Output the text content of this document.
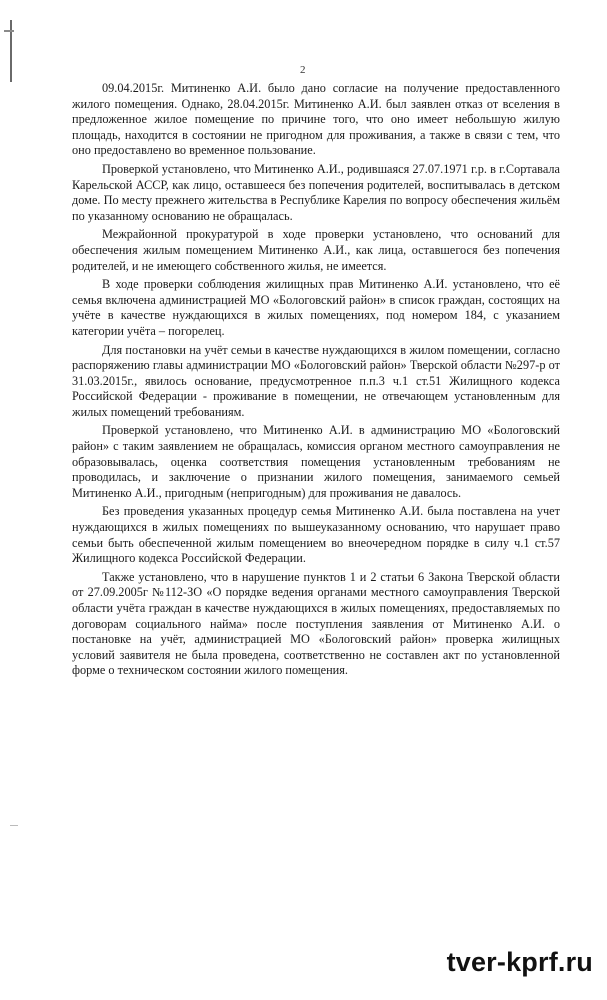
2

09.04.2015г. Митиненко А.И. было дано согласие на получение предоставленного жилого помещения. Однако, 28.04.2015г. Митиненко А.И. был заявлен отказ от вселения в предложенное жилое помещение по причине того, что оно имеет небольшую жилую площадь, находится в состоянии не пригодном для проживания, а также в связи с тем, что оно предоставлено во временное пользование.

Проверкой установлено, что Митиненко А.И., родившаяся 27.07.1971 г.р. в г.Сортавала Карельской АССР, как лицо, оставшееся без попечения родителей, воспитывалась в детском доме. По месту прежнего жительства в Республике Карелия по вопросу обеспечения жильём по указанному основанию не обращалась.

Межрайонной прокуратурой в ходе проверки установлено, что оснований для обеспечения жилым помещением Митиненко А.И., как лица, оставшегося без попечения родителей, и не имеющего собственного жилья, не имеется.

В ходе проверки соблюдения жилищных прав Митиненко А.И. установлено, что её семья включена администрацией МО «Бологовский район» в список граждан, состоящих на учёте в качестве нуждающихся в жилых помещениях, под номером 184, с указанием категории учёта – погорелец.

Для постановки на учёт семьи в качестве нуждающихся в жилом помещении, согласно распоряжению главы администрации МО «Бологовский район» Тверской области №297-р от 31.03.2015г., явилось основание, предусмотренное п.п.3 ч.1 ст.51 Жилищного кодекса Российской Федерации - проживание в помещении, не отвечающем установленным для жилых помещений требованиям.

Проверкой установлено, что Митиненко А.И. в администрацию МО «Бологовский район» с таким заявлением не обращалась, комиссия органом местного самоуправления не образовывалась, оценка соответствия помещения установленным требованиям не проводилась, и заключение о признании жилого помещения, занимаемого семьей Митиненко А.И., пригодным (непригодным) для проживания не давалось.

Без проведения указанных процедур семья Митиненко А.И. была поставлена на учет нуждающихся в жилых помещениях по вышеуказанному основанию, что нарушает право семьи быть обеспеченной жилым помещением во внеочередном порядке в силу ч.1 ст.57 Жилищного кодекса Российской Федерации.

Также установлено, что в нарушение пунктов 1 и 2 статьи 6 Закона Тверской области от 27.09.2005г №112-ЗО «О порядке ведения органами местного самоуправления Тверской области учёта граждан в качестве нуждающихся в жилых помещениях, предоставляемых по договорам социального найма» после поступления заявления от Митиненко А.И. о постановке на учёт, администрацией МО «Бологовский район» проверка жилищных условий заявителя не была проведена, соответственно не составлен акт по установленной форме о техническом состоянии жилого помещения.

tver-kprf.ru
